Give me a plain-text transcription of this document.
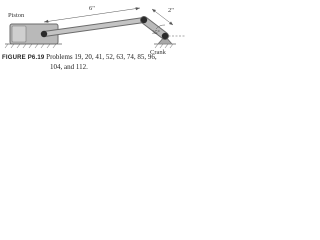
Piston
6"	2"
35°
Crank
FIGURE P6.19 Problems 19, 20, 41, 52, 63, 74, 85, 96,
104, and 112.
